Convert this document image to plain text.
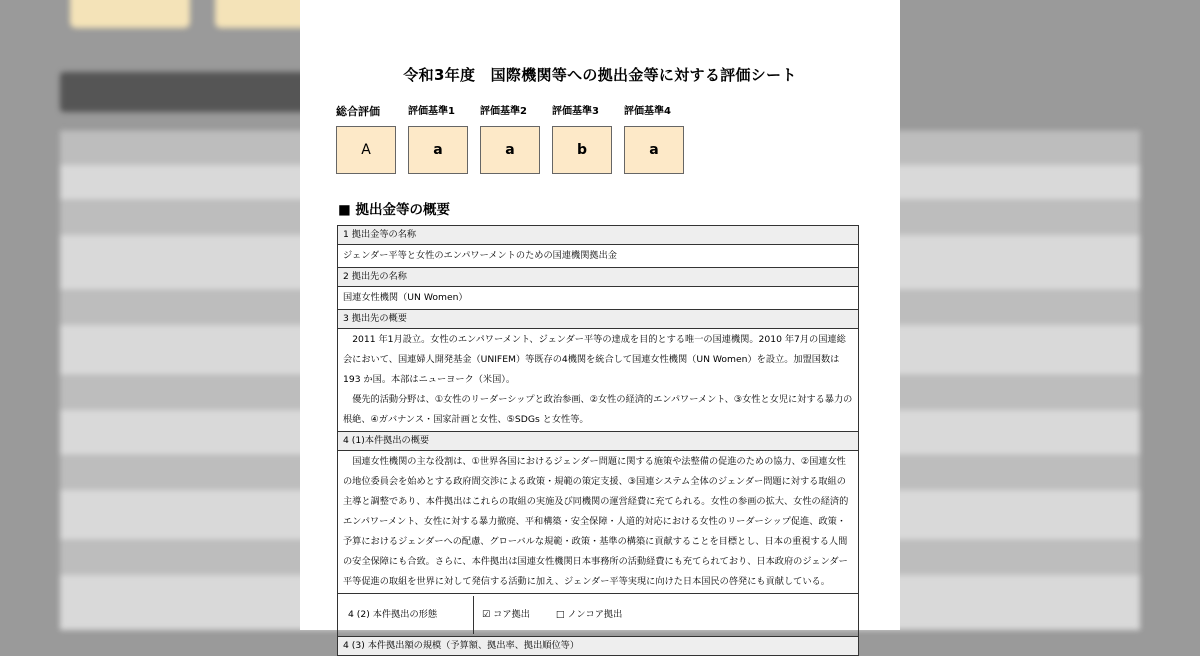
令和3年度　国際機関等への拠出金等に対する評価シート
総合評価
A
評価基準1
a
評価基準2
a
評価基準3
b
評価基準4
a
■ 拠出金等の概要
1 拠出金等の名称
ジェンダー平等と女性のエンパワーメントのための国連機関拠出金
2 拠出先の名称
国連女性機関（UN Women）
3 拠出先の概要

2011 年1月設立。女性のエンパワーメント、ジェンダー平等の達成を目的とする唯一の国連機関。2010 年7月の国連総会において、国連婦人開発基金（UNIFEM）等既存の4機関を統合して国連女性機関（UN Women）を設立。加盟国数は 193 か国。本部はニューヨーク（米国）。
優先的活動分野は、①女性のリーダーシップと政治参画、②女性の経済的エンパワーメント、③女性と女児に対する暴力の根絶、④ガバナンス・国家計画と女性、⑤SDGs と女性等。

4 (1)本件拠出の概要

国連女性機関の主な役割は、①世界各国におけるジェンダー問題に関する施策や法整備の促進のための協力、②国連女性の地位委員会を始めとする政府間交渉による政策・規範の策定支援、③国連システム全体のジェンダー問題に対する取組の主導と調整であり、本件拠出はこれらの取組の実施及び同機関の運営経費に充てられる。女性の参画の拡大、女性の経済的エンパワーメント、女性に対する暴力撤廃、平和構築・安全保障・人道的対応における女性のリーダーシップ促進、政策・予算におけるジェンダーへの配慮、グローバルな規範・政策・基準の構築に貢献することを目標とし、日本の重視する人間の安全保障にも合致。さらに、本件拠出は国連女性機関日本事務所の活動経費にも充てられており、日本政府のジェンダー平等促進の取組を世界に対して発信する活動に加え、ジェンダー平等実現に向けた日本国民の啓発にも貢献している。

4 (2) 本件拠出の形態	☑ コア拠出	□ ノンコア拠出
4 (3) 本件拠出額の規模（予算額、拠出率、拠出順位等）
